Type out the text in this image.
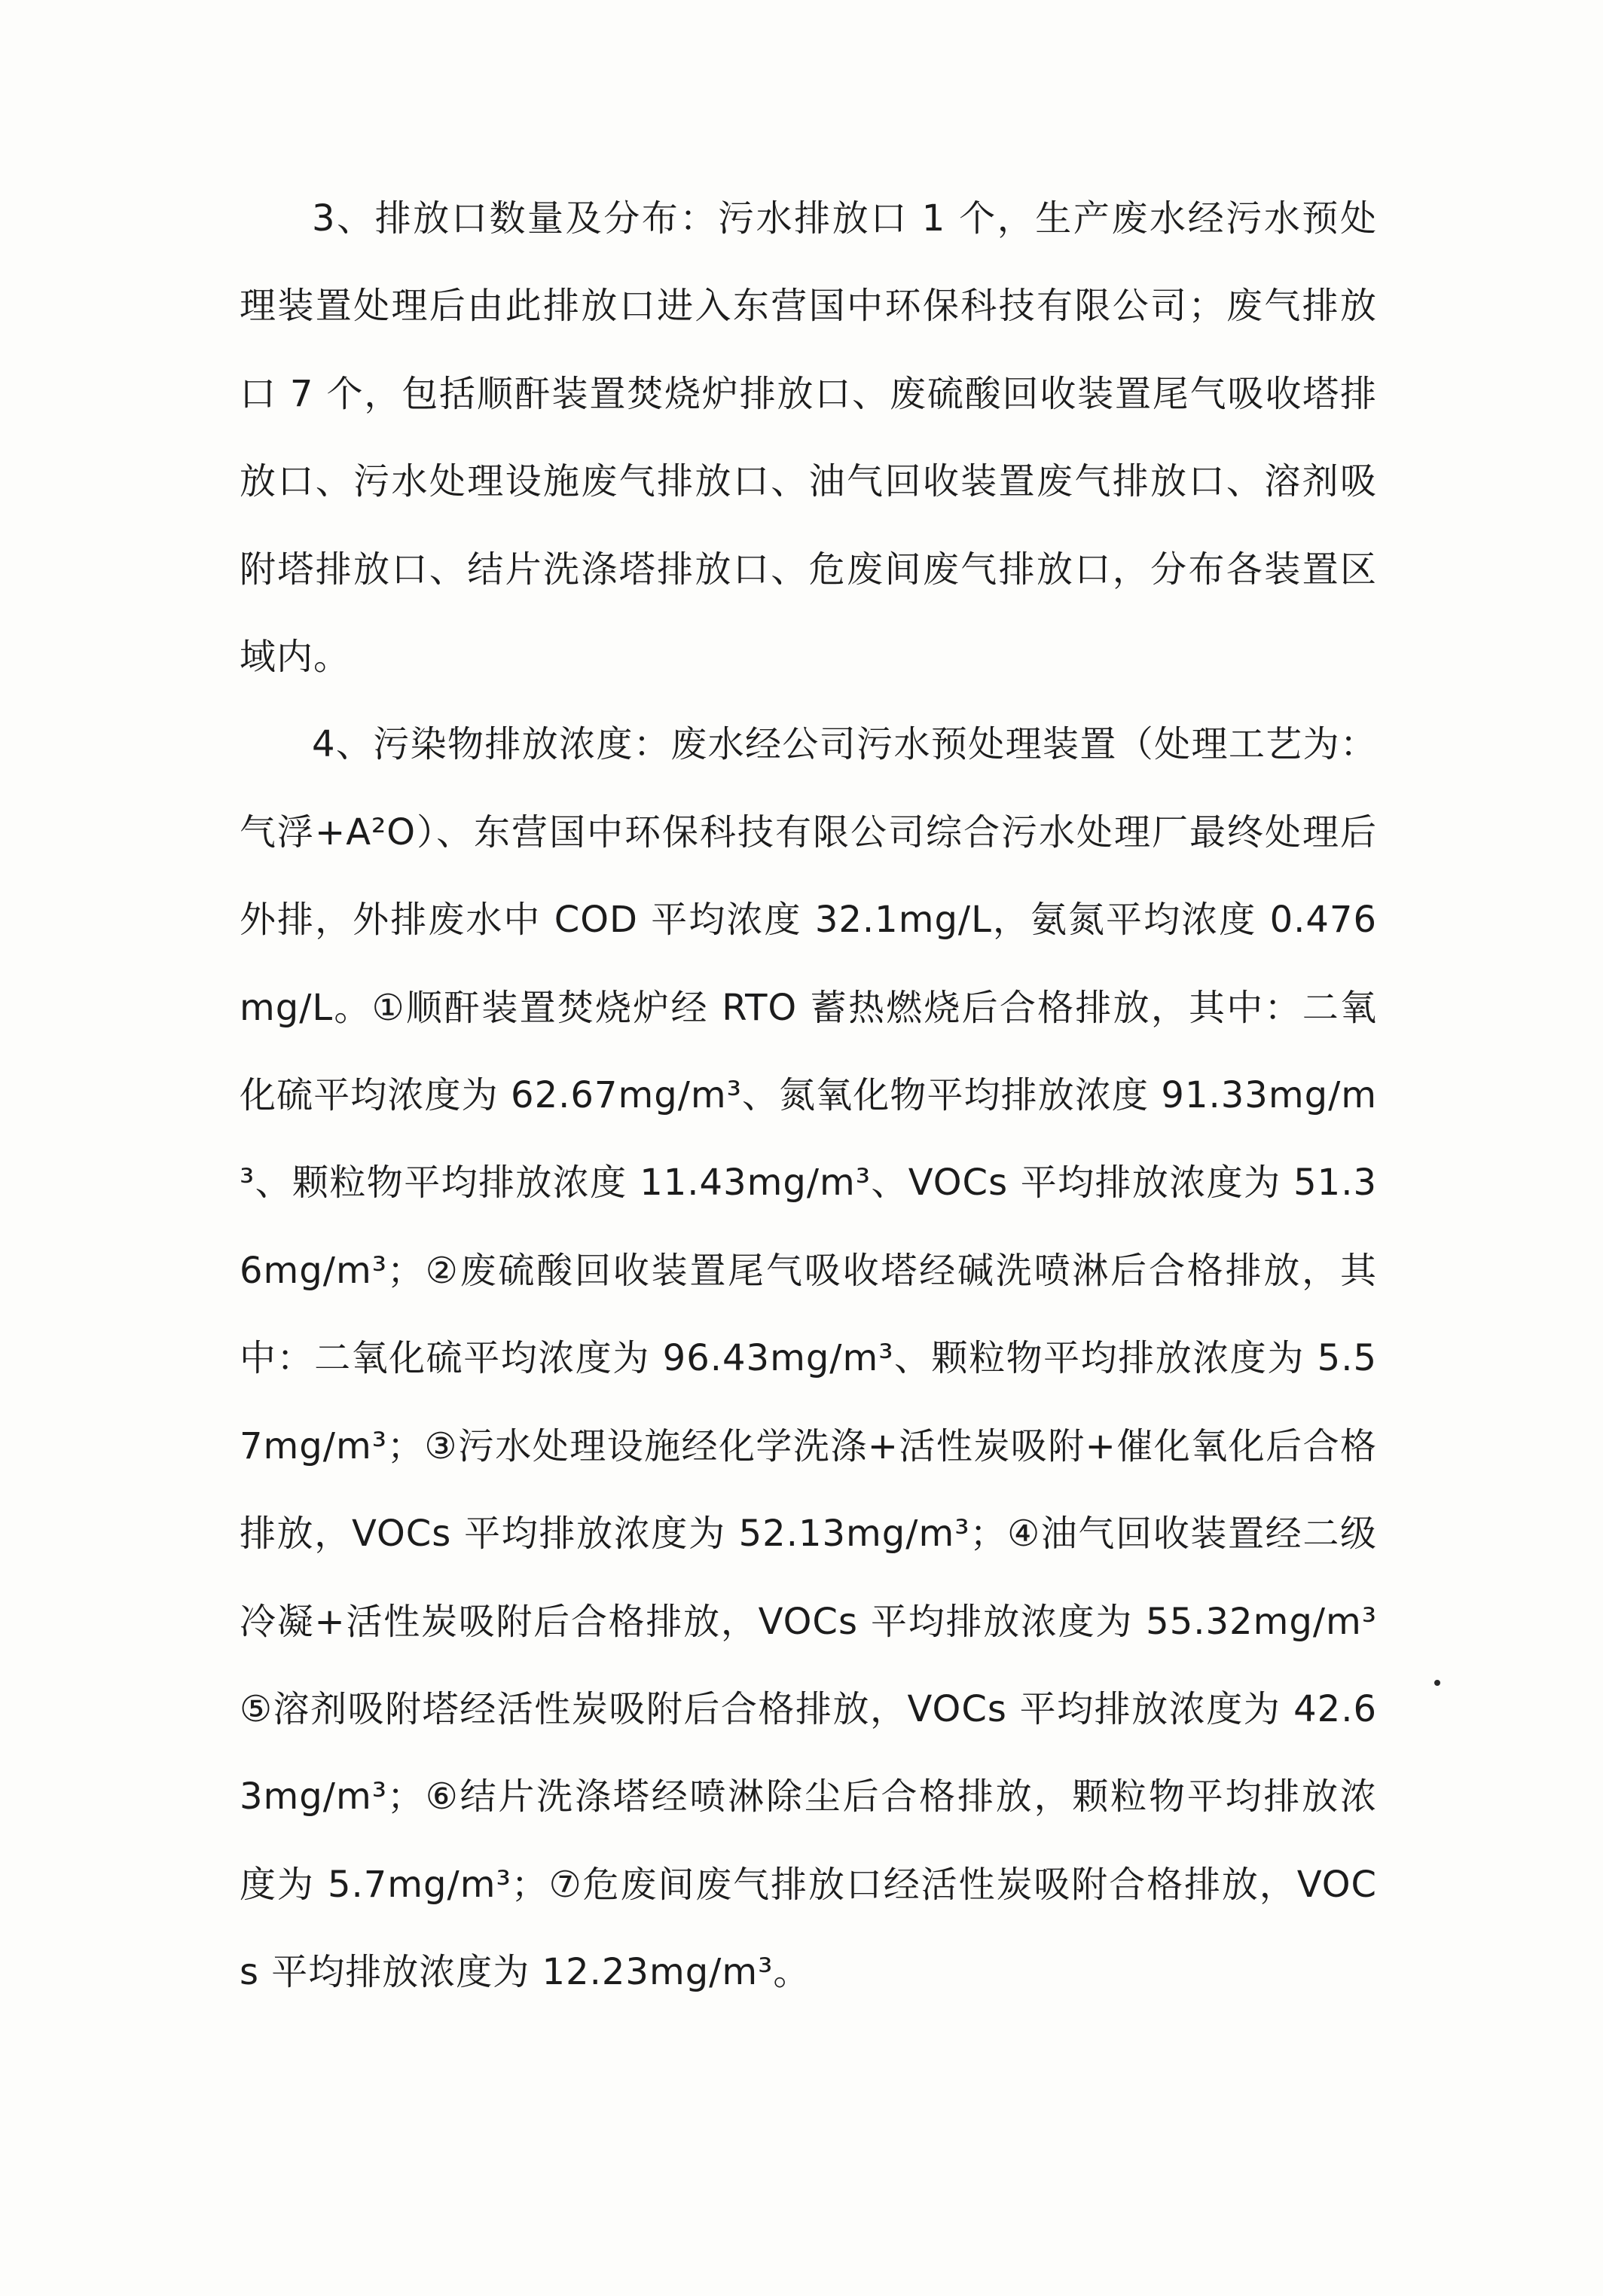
3、排放口数量及分布：污水排放口 1 个，生产废水经污水预处理装置处理后由此排放口进入东营国中环保科技有限公司；废气排放口 7 个，包括顺酐装置焚烧炉排放口、废硫酸回收装置尾气吸收塔排放口、污水处理设施废气排放口、油气回收装置废气排放口、溶剂吸附塔排放口、结片洗涤塔排放口、危废间废气排放口，分布各装置区域内。

4、污染物排放浓度：废水经公司污水预处理装置（处理工艺为：气浮+A²O）、东营国中环保科技有限公司综合污水处理厂最终处理后外排，外排废水中 COD 平均浓度 32.1mg/L，氨氮平均浓度 0.476mg/L。①顺酐装置焚烧炉经 RTO 蓄热燃烧后合格排放，其中：二氧化硫平均浓度为 62.67mg/m³、氮氧化物平均排放浓度 91.33mg/m³、颗粒物平均排放浓度 11.43mg/m³、VOCs 平均排放浓度为 51.36mg/m³；②废硫酸回收装置尾气吸收塔经碱洗喷淋后合格排放，其中：二氧化硫平均浓度为 96.43mg/m³、颗粒物平均排放浓度为 5.57mg/m³；③污水处理设施经化学洗涤+活性炭吸附+催化氧化后合格排放，VOCs 平均排放浓度为 52.13mg/m³；④油气回收装置经二级冷凝+活性炭吸附后合格排放，VOCs 平均排放浓度为 55.32mg/m³⑤溶剂吸附塔经活性炭吸附后合格排放，VOCs 平均排放浓度为 42.63mg/m³；⑥结片洗涤塔经喷淋除尘后合格排放，颗粒物平均排放浓度为 5.7mg/m³；⑦危废间废气排放口经活性炭吸附合格排放，VOCs 平均排放浓度为 12.23mg/m³。
